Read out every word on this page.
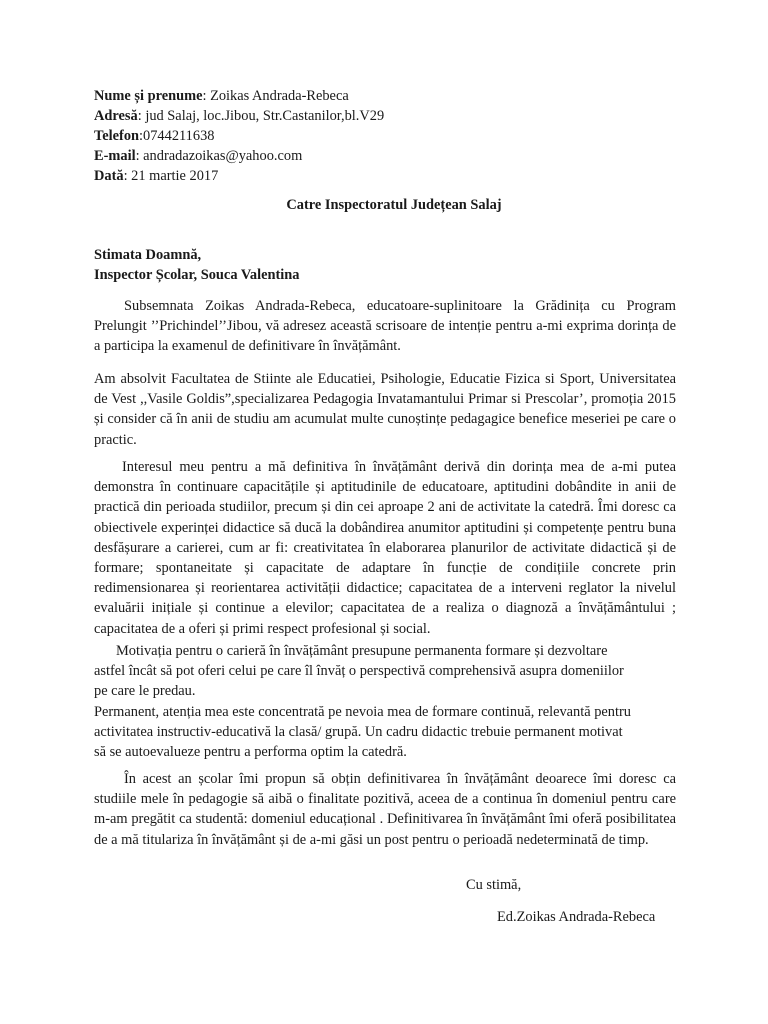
Nume și prenume: Zoikas Andrada-Rebeca
Adresă: jud Salaj, loc.Jibou, Str.Castanilor,bl.V29
Telefon:0744211638
E-mail: andradazoikas@yahoo.com
Dată: 21 martie 2017
Catre Inspectoratul Județean Salaj
Stimata Doamnă,
Inspector Școlar, Souca Valentina
Subsemnata Zoikas Andrada-Rebeca, educatoare-suplinitoare la Grădinița cu Program Prelungit ’’Prichindel’’Jibou, vă adresez această scrisoare de intenție pentru a-mi exprima dorința de a participa la examenul de definitivare în învățământ.
Am absolvit Facultatea de Stiinte ale Educatiei, Psihologie, Educatie Fizica si Sport, Universitatea de Vest ,,Vasile Goldis”,specializarea Pedagogia Invatamantului Primar si Prescolar’, promoția 2015 și consider că în anii de studiu am acumulat multe cunoștințe pedagagice benefice meseriei pe care o practic.
Interesul meu pentru a mă definitiva în învățământ derivă din dorința mea de a-mi putea demonstra în continuare capacitățile și aptitudinile de educatoare, aptitudini dobândite in anii de practică din perioada studiilor, precum și din cei aproape 2 ani de activitate la catedră. Îmi doresc ca obiectivele experinței didactice să ducă la dobândirea anumitor aptitudini și competențe pentru buna desfășurare a carierei, cum ar fi: creativitatea în elaborarea planurilor de activitate didactică și de formare; spontaneitate și capacitate de adaptare în funcție de condițiile concrete prin redimensionarea și reorientarea activității didactice; capacitatea de a interveni reglator la nivelul evaluării inițiale și continue a elevilor; capacitatea de a realiza o diagnoză a învățământului ; capacitatea de a oferi și primi respect profesional și social.
Motivația pentru o carieră în învățământ presupune permanenta formare și dezvoltare
astfel încât să pot oferi celui pe care îl învăț o perspectivă comprehensivă asupra domeniilor
pe care le predau.
Permanent, atenția mea este concentrată pe nevoia mea de formare continuă, relevantă pentru
activitatea instructiv-educativă la clasă/ grupă. Un cadru didactic trebuie permanent motivat
să se autoevalueze pentru a performa optim la catedră.
În acest an școlar îmi propun să obțin definitivarea în învățământ deoarece îmi doresc ca studiile mele în pedagogie să aibă o finalitate pozitivă, aceea de a continua în domeniul pentru care m-am pregătit ca studentă: domeniul educațional . Definitivarea în învățământ îmi oferă posibilitatea de a mă titulariza în învățământ și de a-mi găsi un post pentru o perioadă nedeterminată de timp.
Cu stimă,
Ed.Zoikas Andrada-Rebeca
